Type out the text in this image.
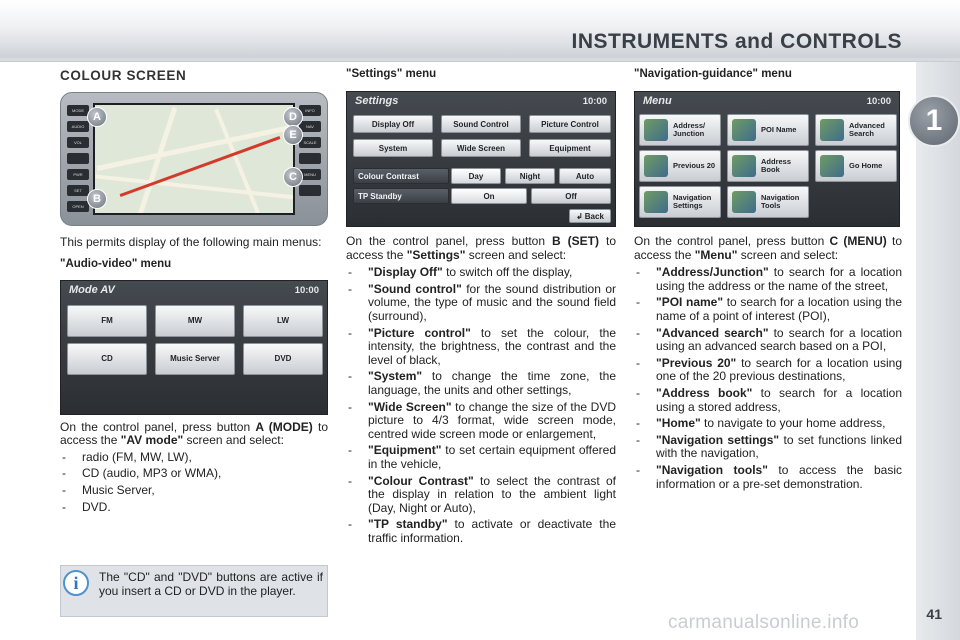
INSTRUMENTS and CONTROLS
1
COLOUR SCREEN
MODE
AUDIO
VOL
PWR
SET
OPEN
INFO
NAV
SCALE
MENU
A
B
C
D
E

This permits display of the following main menus:

"Audio-video" menu
Mode AV	10:00
FM	MW	LW
CD	Music Server	DVD

On the control panel, press button A (MODE) to access the "AV mode" screen and select:

- radio (FM, MW, LW),
- CD (audio, MP3 or WMA),
- Music Server,
- DVD.
i	The "CD" and "DVD" buttons are active if you insert a CD or DVD in the player.
"Settings" menu
Settings	10:00
Display Off	Sound Control	Picture Control
System	Wide Screen	Equipment
Colour Contrast	Day	Night	Auto
TP Standby	On	Off
↲ Back

On the control panel, press button B (SET) to access the "Settings" screen and select:

- "Display Off" to switch off the display,
- "Sound control" for the sound distribution or volume, the type of music and the sound field (surround),
- "Picture control" to set the colour, the intensity, the brightness, the contrast and the level of black,
- "System" to change the time zone, the language, the units and other settings,
- "Wide Screen" to change the size of the DVD picture to 4/3 format, wide screen mode, centred wide screen mode or enlargement,
- "Equipment" to set certain equipment offered in the vehicle,
- "Colour Contrast" to select the contrast of the display in relation to the ambient light (Day, Night or Auto),
- "TP standby" to activate or deactivate the traffic information.
"Navigation-guidance" menu
Menu	10:00
Address/ Junction	POI Name	Advanced Search
Previous 20	Address Book	Go Home
Navigation Settings
Navigation Tools

On the control panel, press button C (MENU) to access the "Menu" screen and select:

- "Address/Junction" to search for a location using the address or the name of the street,
- "POI name" to search for a location using the name of a point of interest (POI),
- "Advanced search" to search for a location using an advanced search based on a POI,
- "Previous 20" to search for a location using one of the 20 previous destinations,
- "Address book" to search for a location using a stored address,
- "Home" to navigate to your home address,
- "Navigation settings" to set functions linked with the navigation,
- "Navigation tools" to access the basic information or a pre-set demonstration.
carmanualsonline.info	41
